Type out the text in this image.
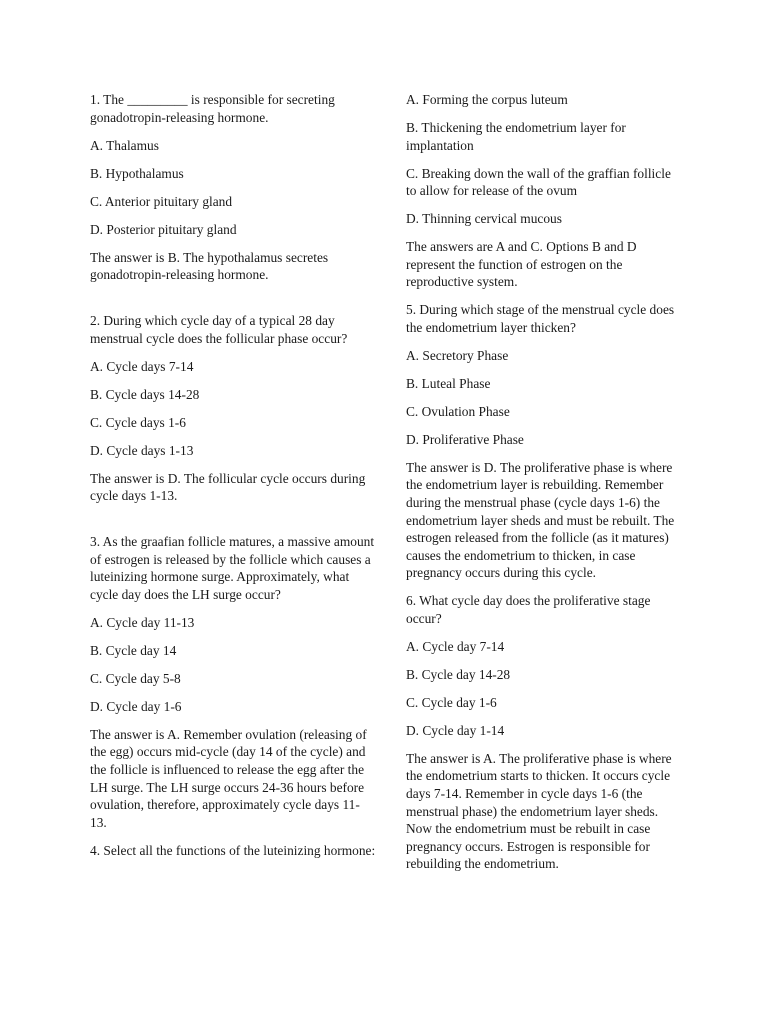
1. The _________ is responsible for secreting gonadotropin-releasing hormone.

A. Thalamus

B. Hypothalamus

C. Anterior pituitary gland

D. Posterior pituitary gland

The answer is B. The hypothalamus secretes gonadotropin-releasing hormone.

2. During which cycle day of a typical 28 day menstrual cycle does the follicular phase occur?

A. Cycle days 7-14

B. Cycle days 14-28

C. Cycle days 1-6

D. Cycle days 1-13

The answer is D. The follicular cycle occurs during cycle days 1-13.

3. As the graafian follicle matures, a massive amount of estrogen is released by the follicle which causes a luteinizing hormone surge. Approximately, what cycle day does the LH surge occur?

A. Cycle day 11-13

B. Cycle day 14

C. Cycle day 5-8

D. Cycle day 1-6

The answer is A. Remember ovulation (releasing of the egg) occurs mid-cycle (day 14 of the cycle) and the follicle is influenced to release the egg after the LH surge. The LH surge occurs 24-36 hours before ovulation, therefore, approximately cycle days 11-13.

4. Select all the functions of the luteinizing hormone:

A. Forming the corpus luteum

B. Thickening the endometrium layer for implantation

C. Breaking down the wall of the graffian follicle to allow for release of the ovum

D. Thinning cervical mucous

The answers are A and C. Options B and D represent the function of estrogen on the reproductive system.

5. During which stage of the menstrual cycle does the endometrium layer thicken?

A. Secretory Phase

B. Luteal Phase

C. Ovulation Phase

D. Proliferative Phase

The answer is D. The proliferative phase is where the endometrium layer is rebuilding. Remember during the menstrual phase (cycle days 1-6) the endometrium layer sheds and must be rebuilt. The estrogen released from the follicle (as it matures) causes the endometrium to thicken, in case pregnancy occurs during this cycle.

6. What cycle day does the proliferative stage occur?

A. Cycle day 7-14

B. Cycle day 14-28

C. Cycle day 1-6

D. Cycle day 1-14

The answer is A. The proliferative phase is where the endometrium starts to thicken. It occurs cycle days 7-14. Remember in cycle days 1-6 (the menstrual phase) the endometrium layer sheds. Now the endometrium must be rebuilt in case pregnancy occurs. Estrogen is responsible for rebuilding the endometrium.
